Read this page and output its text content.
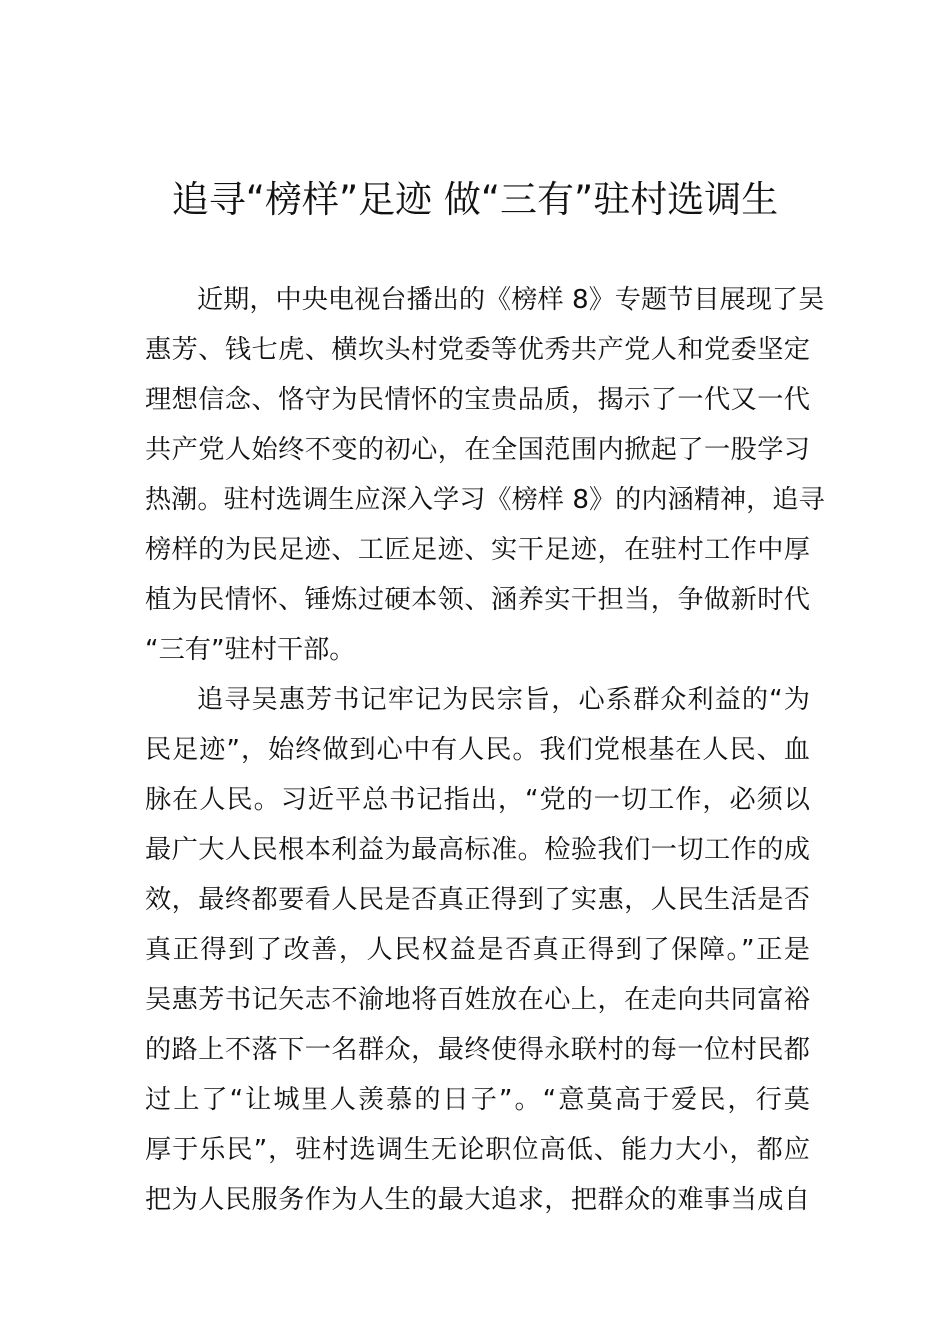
追寻“榜样”足迹 做“三有”驻村选调生
近期，中央电视台播出的《榜样 8》专题节目展现了吴
惠芳、钱七虎、横坎头村党委等优秀共产党人和党委坚定
理想信念、恪守为民情怀的宝贵品质，揭示了一代又一代
共产党人始终不变的初心，在全国范围内掀起了一股学习
热潮。驻村选调生应深入学习《榜样 8》的内涵精神，追寻
榜样的为民足迹、工匠足迹、实干足迹，在驻村工作中厚
植为民情怀、锤炼过硬本领、涵养实干担当，争做新时代
“三有”驻村干部。
追寻吴惠芳书记牢记为民宗旨，心系群众利益的“为
民足迹”，始终做到心中有人民。我们党根基在人民、血
脉在人民。习近平总书记指出，“党的一切工作，必须以
最广大人民根本利益为最高标准。检验我们一切工作的成
效，最终都要看人民是否真正得到了实惠，人民生活是否
真正得到了改善，人民权益是否真正得到了保障。”正是
吴惠芳书记矢志不渝地将百姓放在心上，在走向共同富裕
的路上不落下一名群众，最终使得永联村的每一位村民都
过上了“让城里人羡慕的日子”。“意莫高于爱民，行莫
厚于乐民”，驻村选调生无论职位高低、能力大小，都应
把为人民服务作为人生的最大追求，把群众的难事当成自
